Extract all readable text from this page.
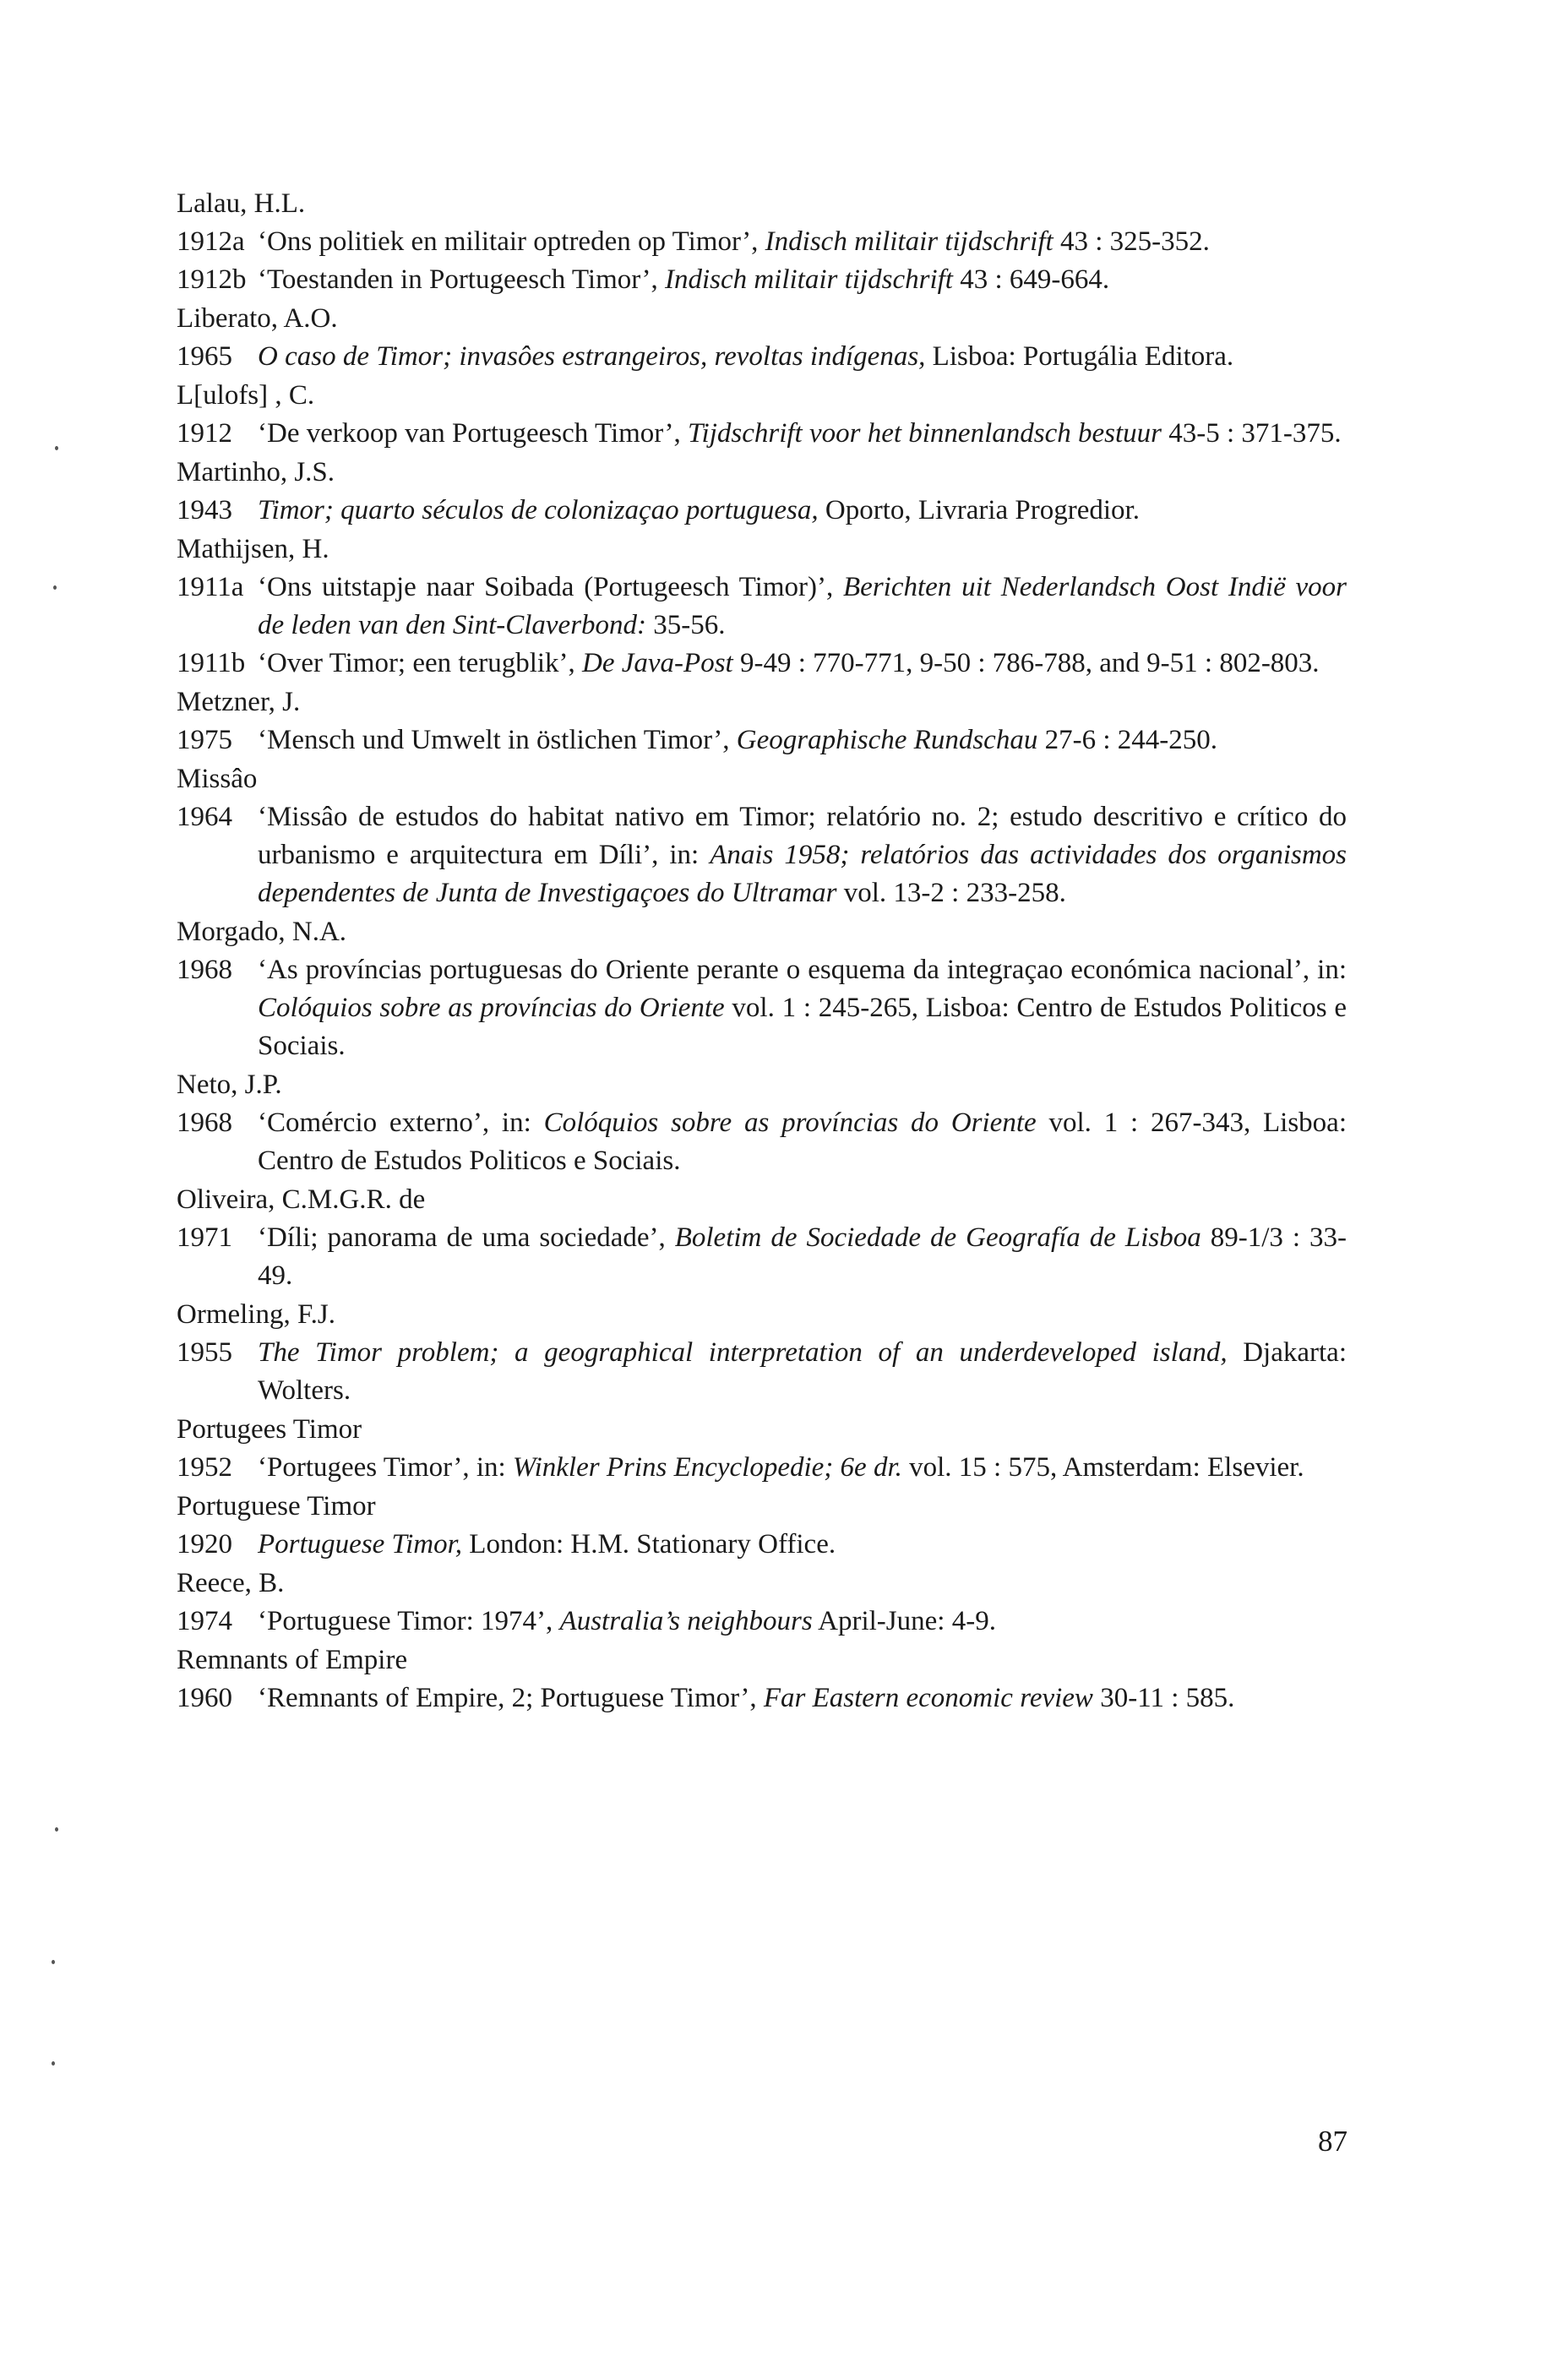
Lalau, H.L.
1912a ‘Ons politiek en militair optreden op Timor’, Indisch militair tijdschrift 43 : 325-352.
1912b ‘Toestanden in Portugeesch Timor’, Indisch militair tijdschrift 43 : 649-664.
Liberato, A.O.
1965 O caso de Timor; invasôes estrangeiros, revoltas indígenas, Lisboa: Portugália Editora.
L[ulofs] , C.
1912 ‘De verkoop van Portugeesch Timor’, Tijdschrift voor het binnenlandsch bestuur 43-5 : 371-375.
Martinho, J.S.
1943 Timor; quarto séculos de colonizaçao portuguesa, Oporto, Livraria Progredior.
Mathijsen, H.
1911a ‘Ons uitstapje naar Soibada (Portugeesch Timor)’, Berichten uit Nederlandsch Oost Indië voor de leden van den Sint-Claverbond: 35-56.
1911b ‘Over Timor; een terugblik’, De Java-Post 9-49 : 770-771, 9-50 : 786-788, and 9-51 : 802-803.
Metzner, J.
1975 ‘Mensch und Umwelt in östlichen Timor’, Geographische Rundschau 27-6 : 244-250.
Missâo
1964 ‘Missâo de estudos do habitat nativo em Timor; relatório no. 2; estudo descritivo e crítico do urbanismo e arquitectura em Díli’, in: Anais 1958; relatórios das actividades dos organismos dependentes de Junta de Investigaçoes do Ultramar vol. 13-2 : 233-258.
Morgado, N.A.
1968 ‘As províncias portuguesas do Oriente perante o esquema da integraçao económica nacional’, in: Colóquios sobre as províncias do Oriente vol. 1 : 245-265, Lisboa: Centro de Estudos Politicos e Sociais.
Neto, J.P.
1968 ‘Comércio externo’, in: Colóquios sobre as províncias do Oriente vol. 1 : 267-343, Lisboa: Centro de Estudos Politicos e Sociais.
Oliveira, C.M.G.R. de
1971 ‘Díli; panorama de uma sociedade’, Boletim de Sociedade de Geografía de Lisboa 89-1/3 : 33-49.
Ormeling, F.J.
1955 The Timor problem; a geographical interpretation of an underdeveloped island, Djakarta: Wolters.
Portugees Timor
1952 ‘Portugees Timor’, in: Winkler Prins Encyclopedie; 6e dr. vol. 15 : 575, Amsterdam: Elsevier.
Portuguese Timor
1920 Portuguese Timor, London: H.M. Stationary Office.
Reece, B.
1974 ‘Portuguese Timor: 1974’, Australia’s neighbours April-June: 4-9.
Remnants of Empire
1960 ‘Remnants of Empire, 2; Portuguese Timor’, Far Eastern economic review 30-11 : 585.
87
